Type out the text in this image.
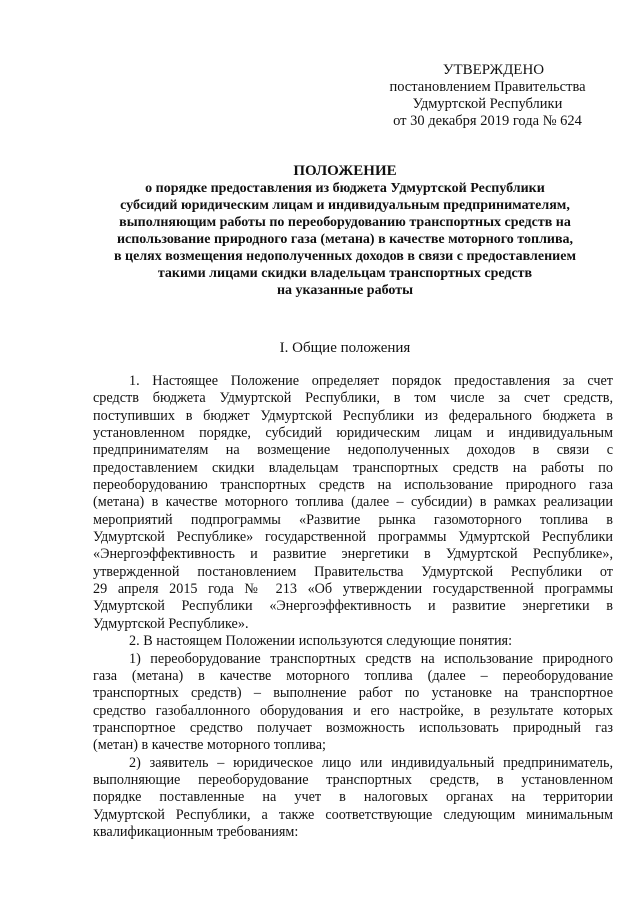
УТВЕРЖДЕНО
постановлением Правительства
Удмуртской Республики
от 30 декабря 2019 года № 624
ПОЛОЖЕНИЕ
о порядке предоставления из бюджета Удмуртской Республики
субсидий юридическим лицам и индивидуальным предпринимателям,
выполняющим работы по переоборудованию транспортных средств на
использование природного газа (метана) в качестве моторного топлива,
в целях возмещения недополученных доходов в связи с предоставлением
такими лицами скидки владельцам транспортных средств
на указанные работы
I. Общие положения
1. Настоящее Положение определяет порядок предоставления за счет
средств бюджета Удмуртской Республики, в том числе за счет средств,
поступивших в бюджет Удмуртской Республики из федерального бюджета в
установленном порядке, субсидий юридическим лицам и индивидуальным
предпринимателям на возмещение недополученных доходов в связи с
предоставлением скидки владельцам транспортных средств на работы по
переоборудованию транспортных средств на использование природного газа
(метана) в качестве моторного топлива (далее – субсидии) в рамках реализации
мероприятий подпрограммы «Развитие рынка газомоторного топлива в
Удмуртской Республике» государственной программы Удмуртской Республики
«Энергоэффективность и развитие энергетики в Удмуртской Республике»,
утвержденной постановлением Правительства Удмуртской Республики от
29 апреля 2015 года № 213 «Об утверждении государственной программы
Удмуртской Республики «Энергоэффективность и развитие энергетики в
Удмуртской Республике».
2. В настоящем Положении используются следующие понятия:
1) переоборудование транспортных средств на использование природного
газа (метана) в качестве моторного топлива (далее – переоборудование
транспортных средств) – выполнение работ по установке на транспортное
средство газобаллонного оборудования и его настройке, в результате которых
транспортное средство получает возможность использовать природный газ
(метан) в качестве моторного топлива;
2) заявитель – юридическое лицо или индивидуальный предприниматель,
выполняющие переоборудование транспортных средств, в установленном
порядке поставленные на учет в налоговых органах на территории
Удмуртской Республики, а также соответствующие следующим минимальным
квалификационным требованиям:
